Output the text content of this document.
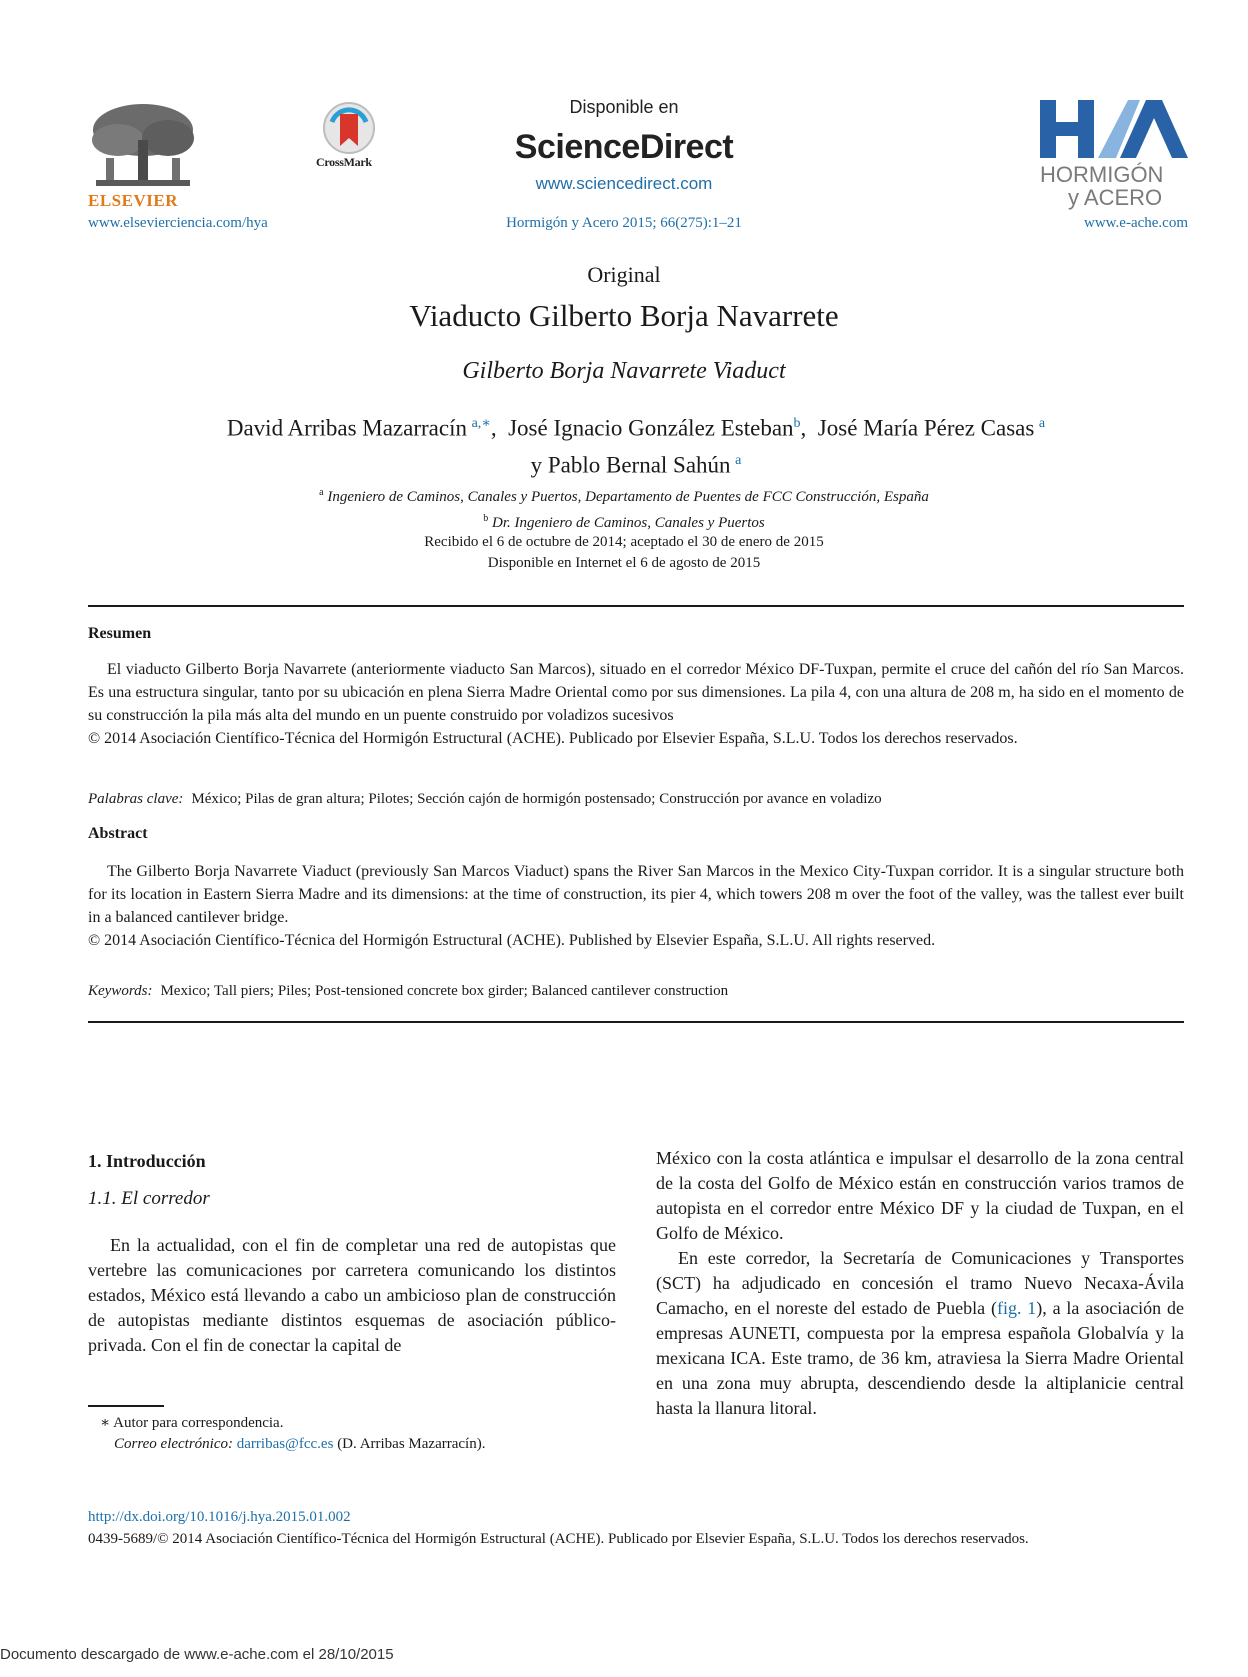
ELSEVIER
CrossMark
Disponible en
ScienceDirect
www.sciencedirect.com	HORMIGÓN
y ACERO
www.elsevierciencia.com/hya	Hormigón y Acero 2015; 66(275):1–21	www.e-ache.com
Original
Viaducto Gilberto Borja Navarrete
Gilberto Borja Navarrete Viaduct
David Arribas Mazarracín  $^{a,∗}$,  José Ignacio González Esteban$^b$,  José María Pérez Casas  $^a$
y Pablo Bernal Sahún  $^a$
$^a$ Ingeniero de Caminos, Canales y Puertos, Departamento de Puentes de FCC Construcción, España
$^b$ Dr. Ingeniero de Caminos, Canales y Puertos
Recibido el 6 de octubre de 2014; aceptado el 30 de enero de 2015
Disponible en Internet el 6 de agosto de 2015
Resumen
El viaducto Gilberto Borja Navarrete (anteriormente viaducto San Marcos), situado en el corredor México DF-Tuxpan, permite el cruce del cañón del río San Marcos. Es una estructura singular, tanto por su ubicación en plena Sierra Madre Oriental como por sus dimensiones. La pila 4, con una altura de 208 m, ha sido en el momento de su construcción la pila más alta del mundo en un puente construido por voladizos sucesivos
© 2014 Asociación Científico-Técnica del Hormigón Estructural (ACHE). Publicado por Elsevier España, S.L.U. Todos los derechos reservados.
Palabras clave: México; Pilas de gran altura; Pilotes; Sección cajón de hormigón postensado; Construcción por avance en voladizo
Abstract
The Gilberto Borja Navarrete Viaduct (previously San Marcos Viaduct) spans the River San Marcos in the Mexico City-Tuxpan corridor. It is a singular structure both for its location in Eastern Sierra Madre and its dimensions: at the time of construction, its pier 4, which towers 208 m over the foot of the valley, was the tallest ever built in a balanced cantilever bridge.
© 2014 Asociación Científico-Técnica del Hormigón Estructural (ACHE). Published by Elsevier España, S.L.U. All rights reserved.
Keywords: Mexico; Tall piers; Piles; Post-tensioned concrete box girder; Balanced cantilever construction
1. Introducción
1.1. El corredor

En la actualidad, con el fin de completar una red de autopistas que vertebre las comunicaciones por carretera comunicando los distintos estados, México está llevando a cabo un ambicioso plan de construcción de autopistas mediante distintos esquemas de asociación público-privada. Con el fin de conectar la capital de

México con la costa atlántica e impulsar el desarrollo de la zona central de la costa del Golfo de México están en construcción varios tramos de autopista en el corredor entre México DF y la ciudad de Tuxpan, en el Golfo de México.

En este corredor, la Secretaría de Comunicaciones y Transportes (SCT) ha adjudicado en concesión el tramo Nuevo Necaxa-Ávila Camacho, en el noreste del estado de Puebla (fig. 1), a la asociación de empresas AUNETI, compuesta por la empresa española Globalvía y la mexicana ICA. Este tramo, de 36 km, atraviesa la Sierra Madre Oriental en una zona muy abrupta, descendiendo desde la altiplanicie central hasta la llanura litoral.

∗ Autor para correspondencia.
Correo electrónico: darribas@fcc.es (D. Arribas Mazarracín).
http://dx.doi.org/10.1016/j.hya.2015.01.002
0439-5689/© 2014 Asociación Científico-Técnica del Hormigón Estructural (ACHE). Publicado por Elsevier España, S.L.U. Todos los derechos reservados.
Documento descargado de www.e-ache.com el 28/10/2015
